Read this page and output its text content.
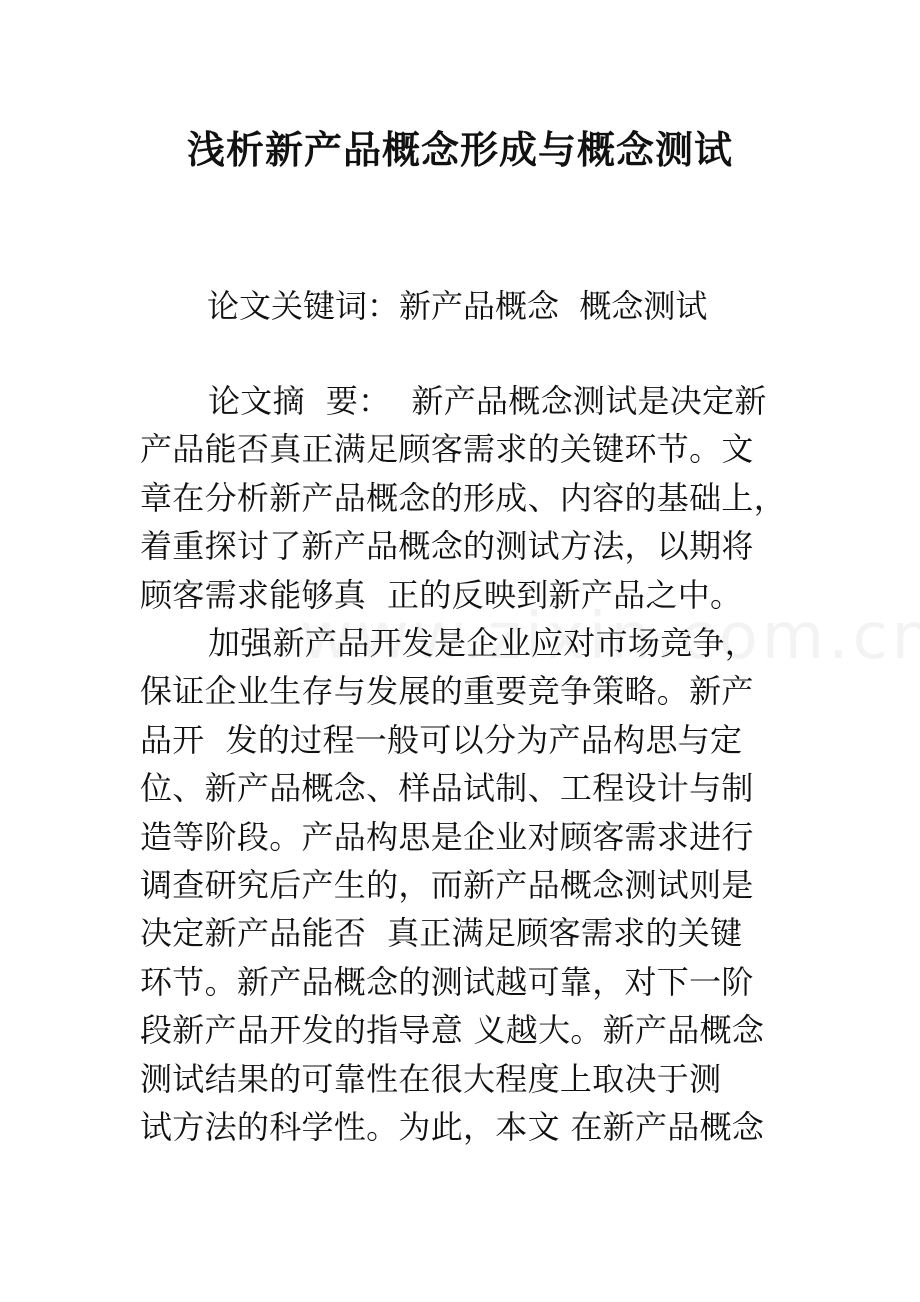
浅析新产品概念形成与概念测试
论文关键词：新产品概念  概念测试
论文摘  要：  新产品概念测试是决定新
产品能否真正满足顾客需求的关键环节。文
章在分析新产品概念的形成、内容的基础上，
着重探讨了新产品概念的测试方法，以期将
顾客需求能够真  正的反映到新产品之中。
加强新产品开发是企业应对市场竞争，
保证企业生存与发展的重要竞争策略。新产
品开  发的过程一般可以分为产品构思与定
位、新产品概念、样品试制、工程设计与制
造等阶段。产品构思是企业对顾客需求进行
调查研究后产生的，而新产品概念测试则是
决定新产品能否  真正满足顾客需求的关键
环节。新产品概念的测试越可靠，对下一阶
段新产品开发的指导意 义越大。新产品概念
测试结果的可靠性在很大程度上取决于测
试方法的科学性。为此，本文 在新产品概念
